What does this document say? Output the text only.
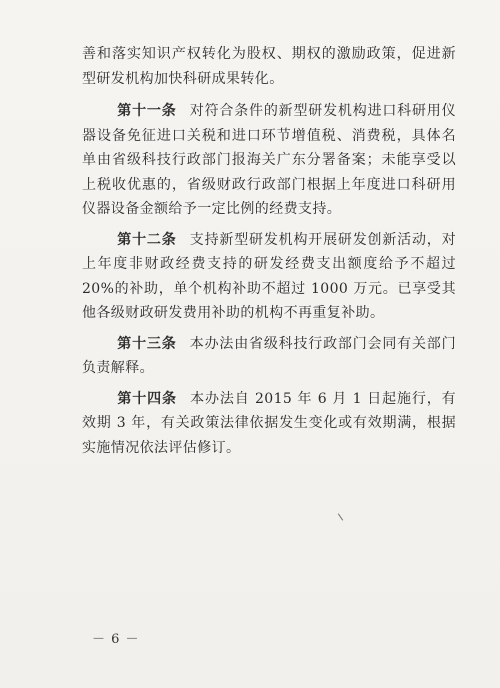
善和落实知识产权转化为股权、期权的激励政策，促进新型研发机构加快科研成果转化。

第十一条 对符合条件的新型研发机构进口科研用仪器设备免征进口关税和进口环节增值税、消费税，具体名单由省级科技行政部门报海关广东分署备案；未能享受以上税收优惠的，省级财政行政部门根据上年度进口科研用仪器设备金额给予一定比例的经费支持。

第十二条 支持新型研发机构开展研发创新活动，对上年度非财政经费支持的研发经费支出额度给予不超过 20%的补助，单个机构补助不超过 1000 万元。已享受其他各级财政研发费用补助的机构不再重复补助。

第十三条 本办法由省级科技行政部门会同有关部门负责解释。

第十四条 本办法自 2015 年 6 月 1 日起施行，有效期 3 年，有关政策法律依据发生变化或有效期满，根据实施情况依法评估修订。

－ 6 －
